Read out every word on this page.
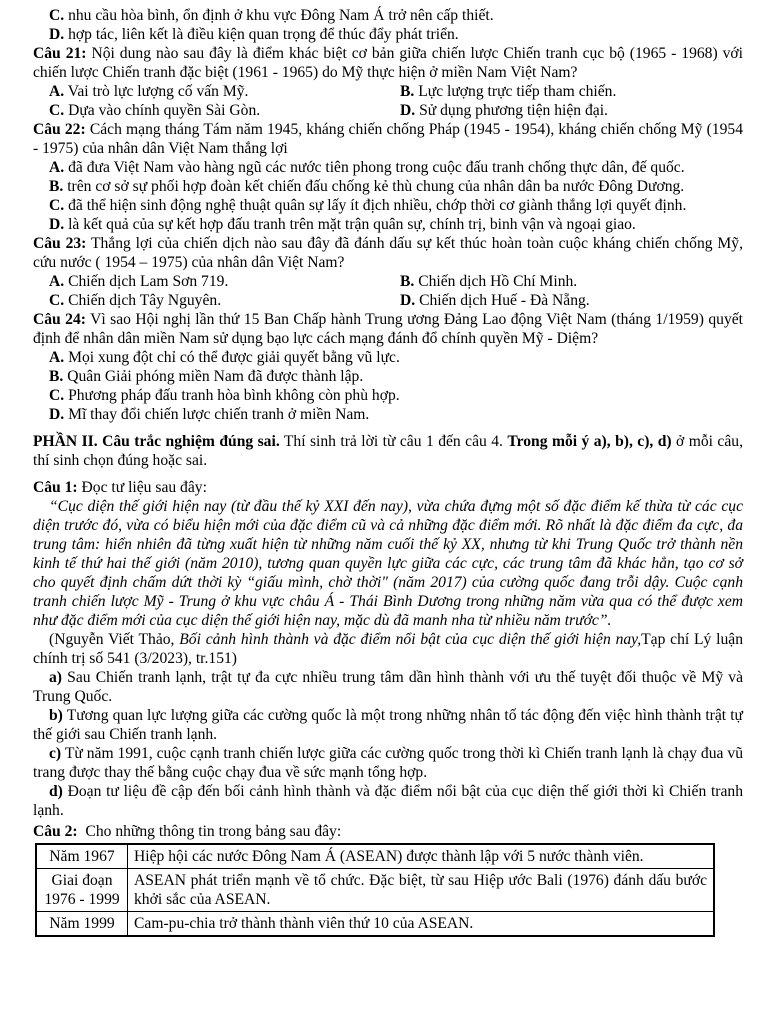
C. nhu cầu hòa bình, ổn định ở khu vực Đông Nam Á trở nên cấp thiết.

D. hợp tác, liên kết là điều kiện quan trọng để thúc đẩy phát triển.

Câu 21: Nội dung nào sau đây là điểm khác biệt cơ bản giữa chiến lược Chiến tranh cục bộ (1965 - 1968) với chiến lược Chiến tranh đặc biệt (1961 - 1965) do Mỹ thực hiện ở miền Nam Việt Nam?

A. Vai trò lực lượng cố vấn Mỹ.	B. Lực lượng trực tiếp tham chiến.

C. Dựa vào chính quyền Sài Gòn.	D. Sử dụng phương tiện hiện đại.

Câu 22: Cách mạng tháng Tám năm 1945, kháng chiến chống Pháp (1945 - 1954), kháng chiến chống Mỹ (1954 - 1975) của nhân dân Việt Nam thắng lợi

A. đã đưa Việt Nam vào hàng ngũ các nước tiên phong trong cuộc đấu tranh chống thực dân, đế quốc.

B. trên cơ sở sự phối hợp đoàn kết chiến đấu chống kẻ thù chung của nhân dân ba nước Đông Dương.

C. đã thể hiện sinh động nghệ thuật quân sự lấy ít địch nhiều, chớp thời cơ giành thắng lợi quyết định.

D. là kết quả của sự kết hợp đấu tranh trên mặt trận quân sự, chính trị, binh vận và ngoại giao.

Câu 23: Thắng lợi của chiến dịch nào sau đây đã đánh dấu sự kết thúc hoàn toàn cuộc kháng chiến chống Mỹ, cứu nước ( 1954 – 1975) của nhân dân Việt Nam?

A. Chiến dịch Lam Sơn 719.	B. Chiến dịch Hồ Chí Minh.

C. Chiến dịch Tây Nguyên.	D. Chiến dịch Huế - Đà Nẵng.

Câu 24: Vì sao Hội nghị lần thứ 15 Ban Chấp hành Trung ương Đảng Lao động Việt Nam (tháng 1/1959) quyết định để nhân dân miền Nam sử dụng bạo lực cách mạng đánh đổ chính quyền Mỹ - Diệm?

A. Mọi xung đột chỉ có thể được giải quyết bằng vũ lực.

B. Quân Giải phóng miền Nam đã được thành lập.

C. Phương pháp đấu tranh hòa bình không còn phù hợp.

D. Mĩ thay đổi chiến lược chiến tranh ở miền Nam.

PHẦN II. Câu trắc nghiệm đúng sai. Thí sinh trả lời từ câu 1 đến câu 4. Trong mỗi ý a), b), c), d) ở mỗi câu, thí sinh chọn đúng hoặc sai.

Câu 1: Đọc tư liệu sau đây:

“Cục diện thế giới hiện nay (từ đầu thế kỷ XXI đến nay), vừa chứa đựng một số đặc điểm kế thừa từ các cục diện trước đó, vừa có biểu hiện mới của đặc điểm cũ và cả những đặc điểm mới. Rõ nhất là đặc điểm đa cực, đa trung tâm: hiển nhiên đã từng xuất hiện từ những năm cuối thế kỷ XX, nhưng từ khi Trung Quốc trở thành nền kinh tế thứ hai thế giới (năm 2010), tương quan quyền lực giữa các cực, các trung tâm đã khác hẳn, tạo cơ sở cho quyết định chấm dứt thời kỳ “giấu mình, chờ thời" (năm 2017) của cường quốc đang trỗi dậy. Cuộc cạnh tranh chiến lược Mỹ - Trung ở khu vực châu Á - Thái Bình Dương trong những năm vừa qua có thể được xem như đặc điểm mới của cục diện thế giới hiện nay, mặc dù đã manh nha từ nhiều năm trước”.

(Nguyễn Viết Thảo, Bối cảnh hình thành và đặc điểm nổi bật của cục diện thế giới hiện nay,Tạp chí Lý luận chính trị số 541 (3/2023), tr.151)

a) Sau Chiến tranh lạnh, trật tự đa cực nhiều trung tâm dần hình thành với ưu thế tuyệt đối thuộc về Mỹ và Trung Quốc.

b) Tương quan lực lượng giữa các cường quốc là một trong những nhân tố tác động đến việc hình thành trật tự thế giới sau Chiến tranh lạnh.

c) Từ năm 1991, cuộc cạnh tranh chiến lược giữa các cường quốc trong thời kì Chiến tranh lạnh là chạy đua vũ trang được thay thế bằng cuộc chạy đua về sức mạnh tổng hợp.

d) Đoạn tư liệu đề cập đến bối cảnh hình thành và đặc điểm nổi bật của cục diện thế giới thời kì Chiến tranh lạnh.

Câu 2: Cho những thông tin trong bảng sau đây:

Năm 1967	Hiệp hội các nước Đông Nam Á (ASEAN) được thành lập với 5 nước thành viên.
Giai đoạn 1976 - 1999	ASEAN phát triển mạnh về tổ chức. Đặc biệt, từ sau Hiệp ước Bali (1976) đánh dấu bước khởi sắc của ASEAN.
Năm 1999	Cam-pu-chia trở thành thành viên thứ 10 của ASEAN.
